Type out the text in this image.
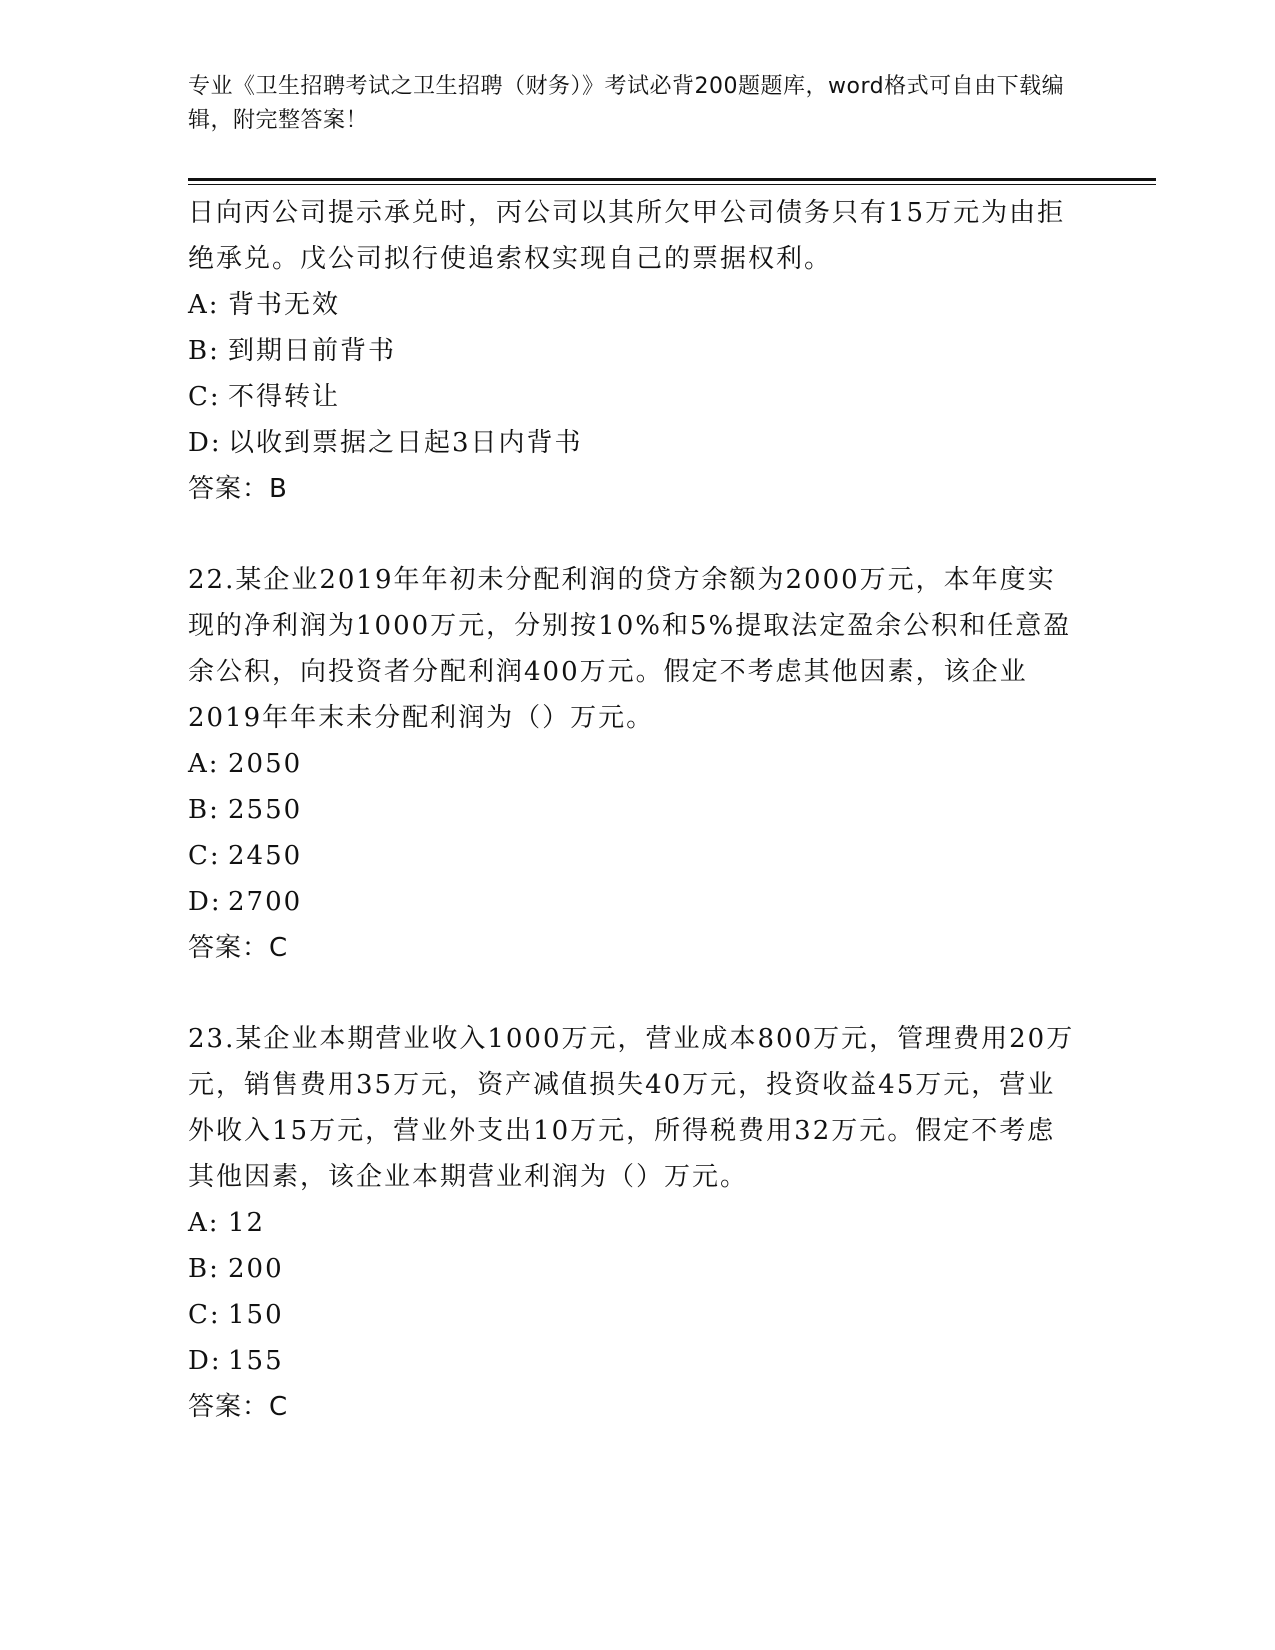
专业《卫生招聘考试之卫生招聘（财务）》考试必背200题题库，word格式可自由下载编辑，附完整答案！
日向丙公司提示承兑时，丙公司以其所欠甲公司债务只有15万元为由拒绝承兑。戊公司拟行使追索权实现自己的票据权利。
A: 背书无效
B: 到期日前背书
C: 不得转让
D: 以收到票据之日起3日内背书
答案：B
22.某企业2019年年初未分配利润的贷方余额为2000万元，本年度实现的净利润为1000万元，分别按10%和5%提取法定盈余公积和任意盈余公积，向投资者分配利润400万元。假定不考虑其他因素，该企业2019年年末未分配利润为（）万元。
A: 2050
B: 2550
C: 2450
D: 2700
答案：C
23.某企业本期营业收入1000万元，营业成本800万元，管理费用20万元，销售费用35万元，资产减值损失40万元，投资收益45万元，营业外收入15万元，营业外支出10万元，所得税费用32万元。假定不考虑其他因素，该企业本期营业利润为（）万元。
A: 12
B: 200
C: 150
D: 155
答案：C
